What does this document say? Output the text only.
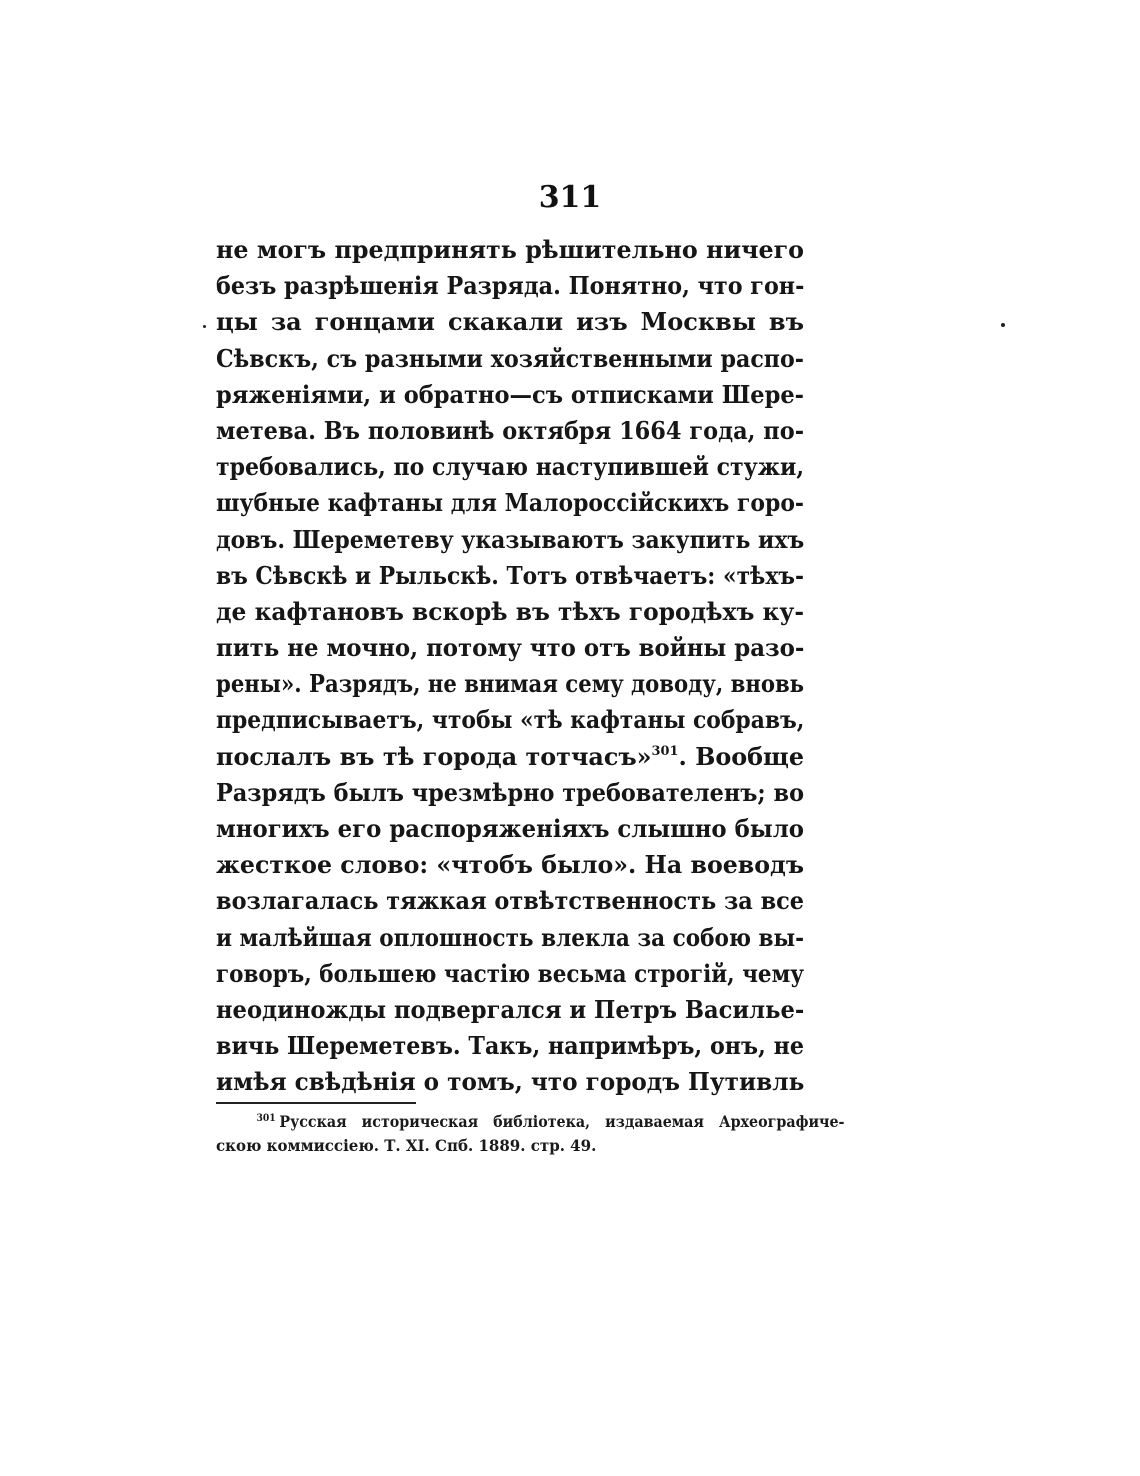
311
не могъ предпринять рѣшительно ничего
безъ разрѣшенія Разряда. Понятно, что гон-
цы за гонцами скакали изъ Москвы въ
Сѣвскъ, съ разными хозяйственными распо-
ряженіями, и обратно—съ отписками Шере-
метева. Въ половинѣ октября 1664 года, по-
требовались, по случаю наступившей стужи,
шубные кафтаны для Малороссійскихъ горо-
довъ. Шереметеву указываютъ закупить ихъ
въ Сѣвскѣ и Рыльскѣ. Тотъ отвѣчаетъ: «тѣхъ-
де кафтановъ вскорѣ въ тѣхъ городѣхъ ку-
пить не мочно, потому что отъ войны разо-
рены». Разрядъ, не внимая сему доводу, вновь
предписываетъ, чтобы «тѣ кафтаны собравъ,
послалъ въ тѣ города тотчасъ»$^{301}$. Вообще
Разрядъ былъ чрезмѣрно требователенъ; во
многихъ его распоряженіяхъ слышно было
жесткое слово: «чтобъ было». На воеводъ
возлагалась тяжкая отвѣтственность за все
и малѣйшая оплошность влекла за собою вы-
говоръ, большею частію весьма строгій, чему
неодиножды подвергался и Петръ Василье-
вичь Шереметевъ. Такъ, напримѣръ, онъ, не
имѣя свѣдѣнія о томъ, что городъ Путивль
$^{301}$ Русская историческая библіотека, издаваемая Археографиче-
скою коммиссіею. Т. XI. Спб. 1889. стр. 49.
